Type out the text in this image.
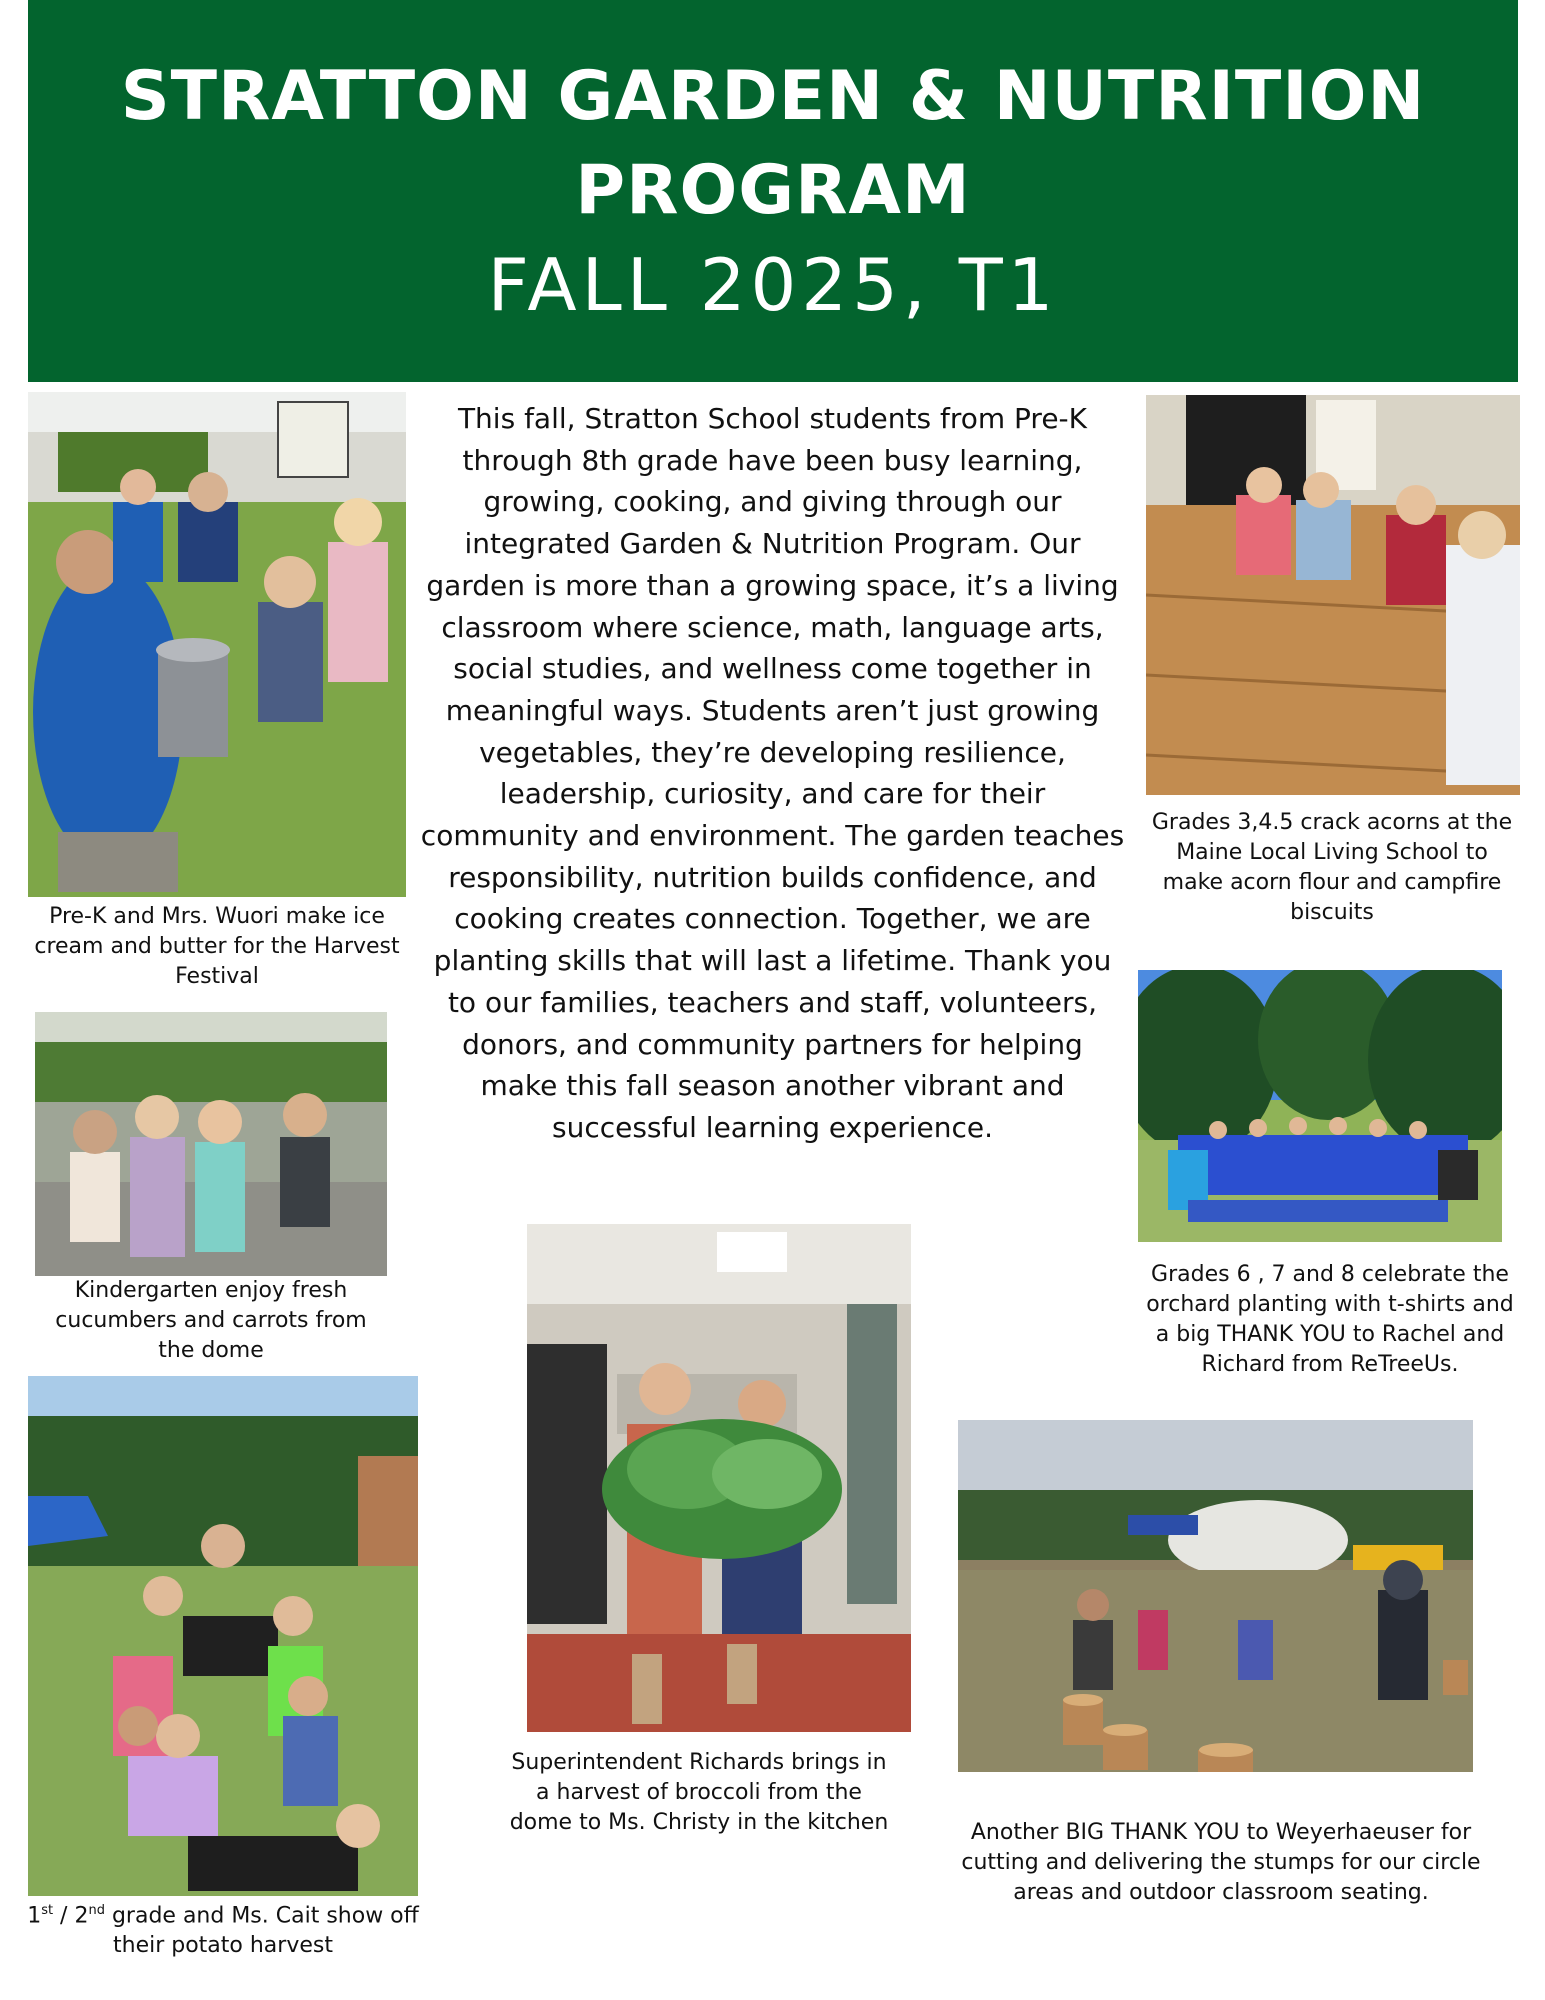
STRATTON GARDEN & NUTRITION PROGRAM
FALL 2025, T1
Pre-K and Mrs. Wuori make ice cream and butter for the Harvest Festival
Kindergarten enjoy fresh cucumbers and carrots from the dome
1st / 2nd grade and Ms. Cait show off their potato harvest
This fall, Stratton School students from Pre-K through 8th grade have been busy learning, growing, cooking, and giving through our integrated Garden & Nutrition Program. Our garden is more than a growing space, it’s a living classroom where science, math, language arts, social studies, and wellness come together in meaningful ways. Students aren’t just growing vegetables, they’re developing resilience, leadership, curiosity, and care for their community and environment. The garden teaches responsibility, nutrition builds confidence, and cooking creates connection. Together, we are planting skills that will last a lifetime. Thank you to our families, teachers and staff, volunteers, donors, and community partners for helping make this fall season another vibrant and successful learning experience.
Superintendent Richards brings in a harvest of broccoli from the dome to Ms. Christy in the kitchen
Grades 3,4.5 crack acorns at the Maine Local Living School to make acorn flour and campfire biscuits
Grades 6 , 7 and 8 celebrate the orchard planting with t-shirts and a big THANK YOU to Rachel and Richard from ReTreeUs.
Another BIG THANK YOU to Weyerhaeuser for cutting and delivering the stumps for our circle areas and outdoor classroom seating.
